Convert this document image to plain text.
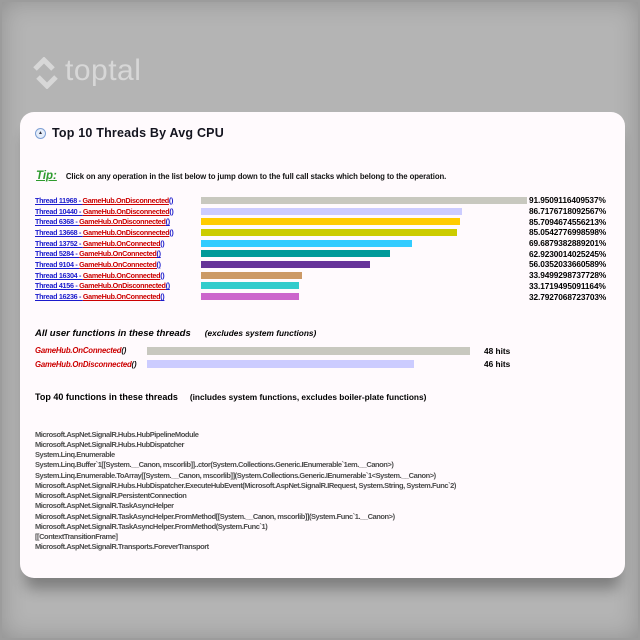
toptal
▲ Top 10 Threads By Avg CPU
Tip: Click on any operation in the list below to jump down to the full call stacks which belong to the operation.
Thread 11968 - GameHub.OnDisconnected()	91.9509116409537%
Thread 10440 - GameHub.OnDisconnected()	86.7176718092567%
Thread 6368 - GameHub.OnDisconnected()	85.7094674556213%
Thread 13668 - GameHub.OnDisconnected()	85.0542776998598%
Thread 13752 - GameHub.OnConnected()	69.6879382889201%
Thread 5284 - GameHub.OnConnected()	62.9230014025245%
Thread 9104 - GameHub.OnConnected()	56.0352033660589%
Thread 16304 - GameHub.OnConnected()	33.9499298737728%
Thread 4156 - GameHub.OnDisconnected()	33.1719495091164%
Thread 16236 - GameHub.OnConnected()	32.7927068723703%
All user functions in these threads (excludes system functions)
GameHub.OnConnected()	48 hits
GameHub.OnDisconnected()	46 hits
Top 40 functions in these threads (includes system functions, excludes boiler-plate functions)
Microsoft.AspNet.SignalR.Hubs.HubPipelineModule
Microsoft.AspNet.SignalR.Hubs.HubDispatcher
System.Linq.Enumerable
System.Linq.Buffer`1[[System.__Canon, mscorlib]]..ctor(System.Collections.Generic.IEnumerable`1em.__Canon>)
System.Linq.Enumerable.ToArray[[System.__Canon, mscorlib]](System.Collections.Generic.IEnumerable`1<System.__Canon>)
Microsoft.AspNet.SignalR.Hubs.HubDispatcher.ExecuteHubEvent(Microsoft.AspNet.SignalR.IRequest, System.String, System.Func`2)
Microsoft.AspNet.SignalR.PersistentConnection
Microsoft.AspNet.SignalR.TaskAsyncHelper
Microsoft.AspNet.SignalR.TaskAsyncHelper.FromMethod[[System.__Canon, mscorlib]](System.Func`1.__Canon>)
Microsoft.AspNet.SignalR.TaskAsyncHelper.FromMethod(System.Func`1)
[[ContextTransitionFrame]
Microsoft.AspNet.SignalR.Transports.ForeverTransport
